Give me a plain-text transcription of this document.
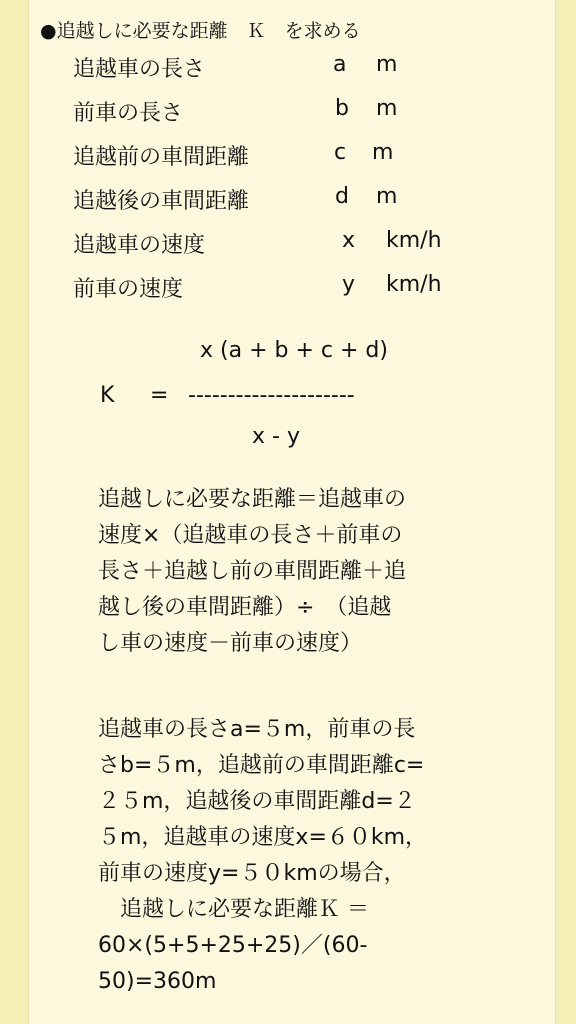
●追越しに必要な距離　Ｋ　を求める
追越車の長さ	a m
前車の長さ	b m
追越前の車間距離	c m
追越後の車間距離	d m
追越車の速度	x km/h
前車の速度	y km/h
x (a + b + c + d)
K = ---------------------
x - y
追越しに必要な距離＝追越車の
速度×（追越車の長さ＋前車の
長さ＋追越し前の車間距離＋追
越し後の車間距離）÷　（追越
し車の速度－前車の速度）
追越車の長さa=５m，前車の長
さb=５m，追越前の車間距離c=
２５m，追越後の車間距離d=２
５m，追越車の速度x=６０km，
前車の速度y=５０kmの場合，
　追越しに必要な距離Ｋ ＝
60×(5+5+25+25)／(60-
50)=360m
